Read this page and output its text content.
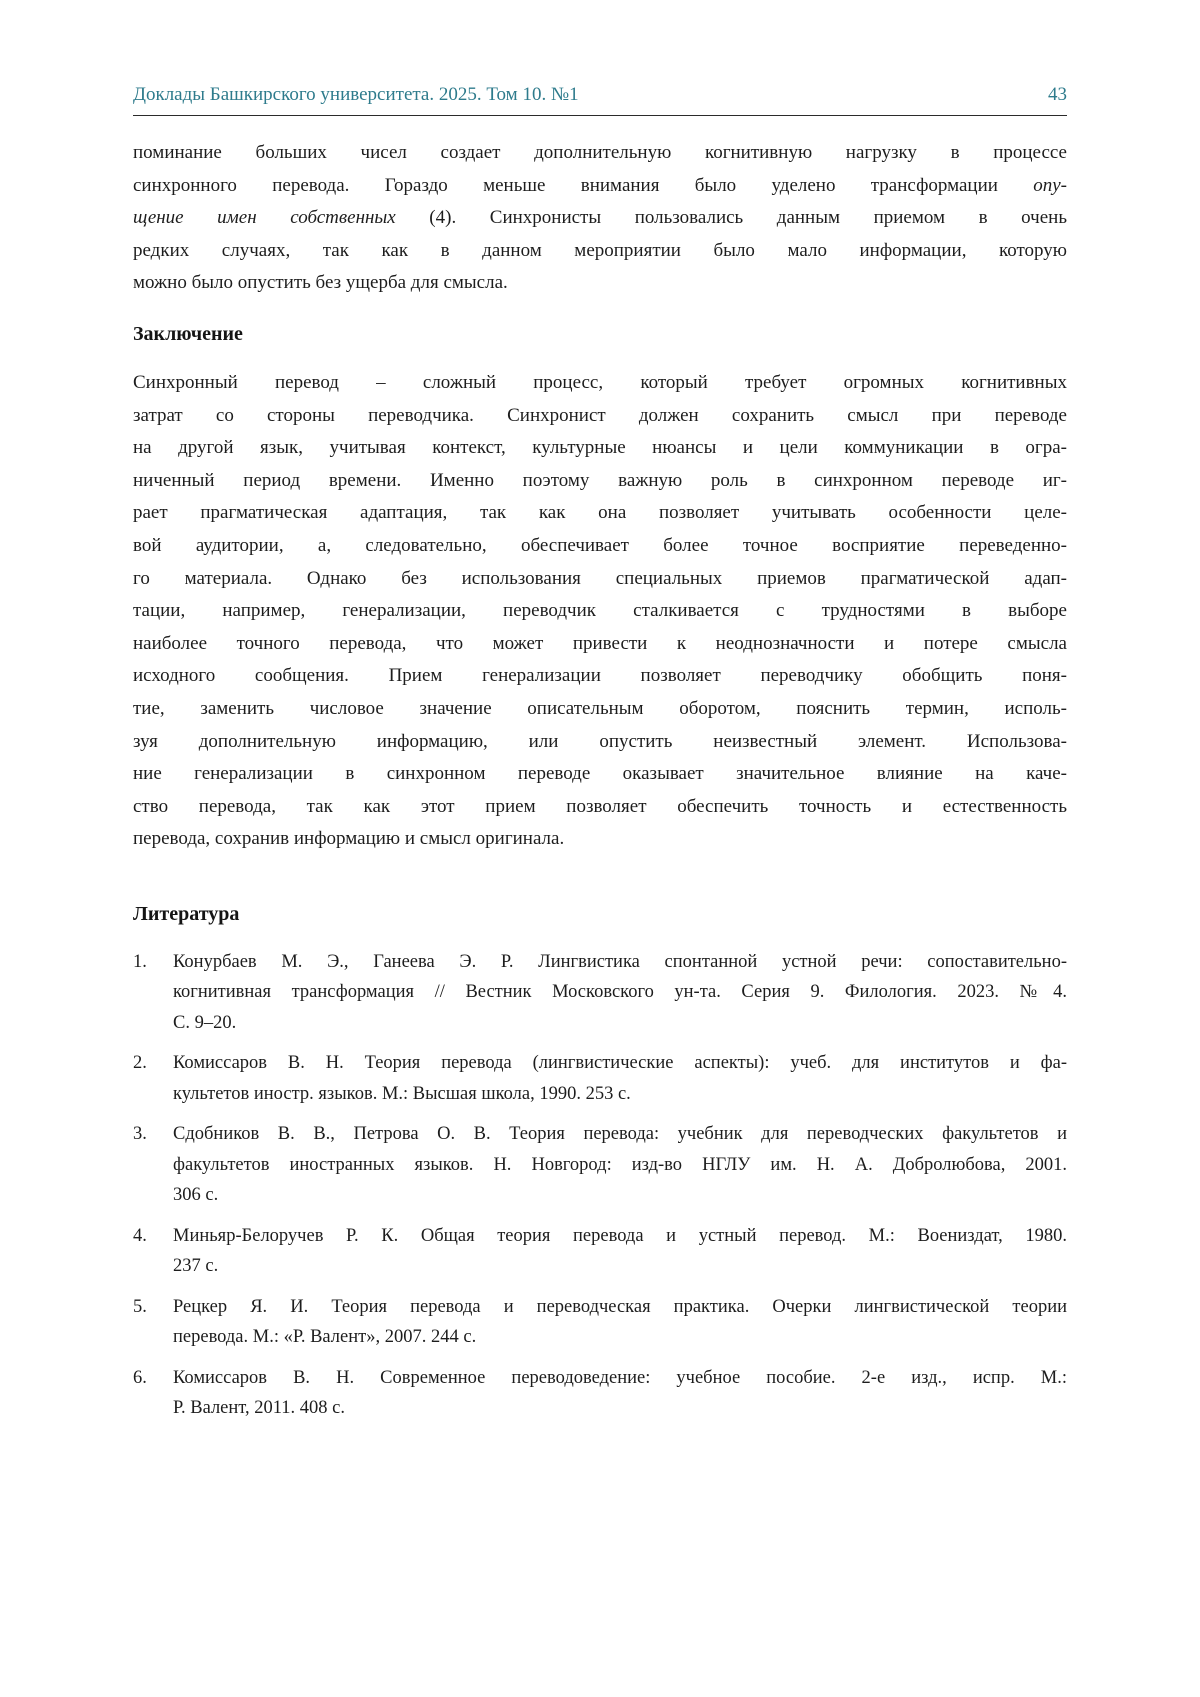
Доклады Башкирского университета. 2025. Том 10. №1	43
поминание больших чисел создает дополнительную когнитивную нагрузку в процессе
синхронного перевода. Гораздо меньше внимания было уделено трансформации опу-
щение имен собственных (4). Синхронисты пользовались данным приемом в очень
редких случаях, так как в данном мероприятии было мало информации, которую
можно было опустить без ущерба для смысла.
Заключение
Синхронный перевод – сложный процесс, который требует огромных когнитивных
затрат со стороны переводчика. Синхронист должен сохранить смысл при переводе
на другой язык, учитывая контекст, культурные нюансы и цели коммуникации в огра-
ниченный период времени. Именно поэтому важную роль в синхронном переводе иг-
рает прагматическая адаптация, так как она позволяет учитывать особенности целе-
вой аудитории, а, следовательно, обеспечивает более точное восприятие переведенно-
го материала. Однако без использования специальных приемов прагматической адап-
тации, например, генерализации, переводчик сталкивается с трудностями в выборе
наиболее точного перевода, что может привести к неоднозначности и потере смысла
исходного сообщения. Прием генерализации позволяет переводчику обобщить поня-
тие, заменить числовое значение описательным оборотом, пояснить термин, исполь-
зуя дополнительную информацию, или опустить неизвестный элемент. Использова-
ние генерализации в синхронном переводе оказывает значительное влияние на каче-
ство перевода, так как этот прием позволяет обеспечить точность и естественность
перевода, сохранив информацию и смысл оригинала.
Литература
1.	Конурбаев М. Э., Ганеева Э. Р. Лингвистика спонтанной устной речи: сопоставительно-
когнитивная трансформация // Вестник Московского ун-та. Серия 9. Филология. 2023. №4.
С. 9–20.
2.	Комиссаров В. Н. Теория перевода (лингвистические аспекты): учеб. для институтов и фа-
культетов иностр. языков. М.: Высшая школа, 1990. 253 с.
3.	Сдобников В. В., Петрова О. В. Теория перевода: учебник для переводческих факультетов и
факультетов иностранных языков. Н. Новгород: изд-во НГЛУ им. Н. А. Добролюбова, 2001.
306 с.
4.	Миньяр-Белоручев Р. К. Общая теория перевода и устный перевод. М.: Воениздат, 1980.
237 с.
5.	Рецкер Я. И. Теория перевода и переводческая практика. Очерки лингвистической теории
перевода. М.: «Р. Валент», 2007. 244 с.
6.	Комиссаров В. Н. Современное переводоведение: учебное пособие. 2-е изд., испр. М.:
Р. Валент, 2011. 408 с.
